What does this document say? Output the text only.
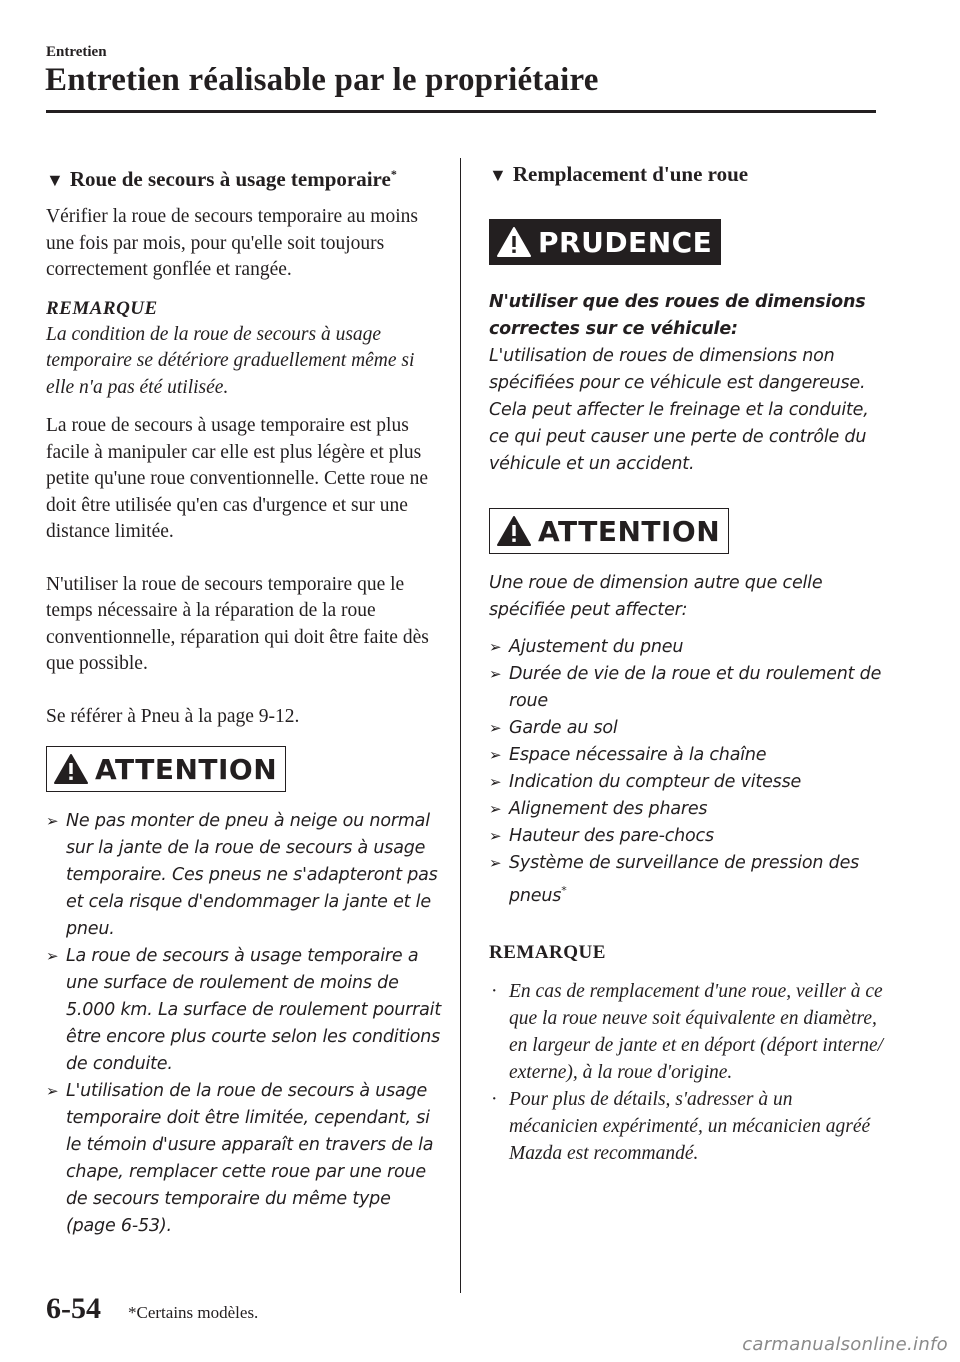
Entretien
Entretien réalisable par le propriétaire
▼ Roue de secours à usage temporaire*

Vérifier la roue de secours temporaire au moins une fois par mois, pour qu'elle soit toujours correctement gonflée et rangée.

REMARQUE

La condition de la roue de secours à usage temporaire se détériore graduellement même si elle n'a pas été utilisée.

La roue de secours à usage temporaire est plus facile à manipuler car elle est plus légère et plus petite qu'une roue conventionnelle. Cette roue ne doit être utilisée qu'en cas d'urgence et sur une distance limitée.

N'utiliser la roue de secours temporaire que le temps nécessaire à la réparation de la roue conventionnelle, réparation qui doit être faite dès que possible.

Se référer à Pneu à la page 9-12.

ATTENTION
➢ Ne pas monter de pneu à neige ou normal sur la jante de la roue de secours à usage temporaire. Ces pneus ne s'adapteront pas et cela risque d'endommager la jante et le pneu.
➢ La roue de secours à usage temporaire a une surface de roulement de moins de 5.000 km. La surface de roulement pourrait être encore plus courte selon les conditions de conduite.
➢ L'utilisation de la roue de secours à usage temporaire doit être limitée, cependant, si le témoin d'usure apparaît en travers de la chape, remplacer cette roue par une roue de secours temporaire du même type (page 6-53).
▼ Remplacement d'une roue
PRUDENCE
N'utiliser que des roues de dimensions correctes sur ce véhicule:
L'utilisation de roues de dimensions non spécifiées pour ce véhicule est dangereuse. Cela peut affecter le freinage et la conduite, ce qui peut causer une perte de contrôle du véhicule et un accident.
ATTENTION
Une roue de dimension autre que celle spécifiée peut affecter:
➢ Ajustement du pneu
➢ Durée de vie de la roue et du roulement de roue
➢ Garde au sol
➢ Espace nécessaire à la chaîne
➢ Indication du compteur de vitesse
➢ Alignement des phares
➢ Hauteur des pare-chocs
➢ Système de surveillance de pression des pneus*
REMARQUE
· En cas de remplacement d'une roue, veiller à ce que la roue neuve soit équivalente en diamètre, en largeur de jante et en déport (déport interne/ externe), à la roue d'origine.
· Pour plus de détails, s'adresser à un mécanicien expérimenté, un mécanicien agréé Mazda est recommandé.
6-54 *Certains modèles.
carmanualsonline.info
